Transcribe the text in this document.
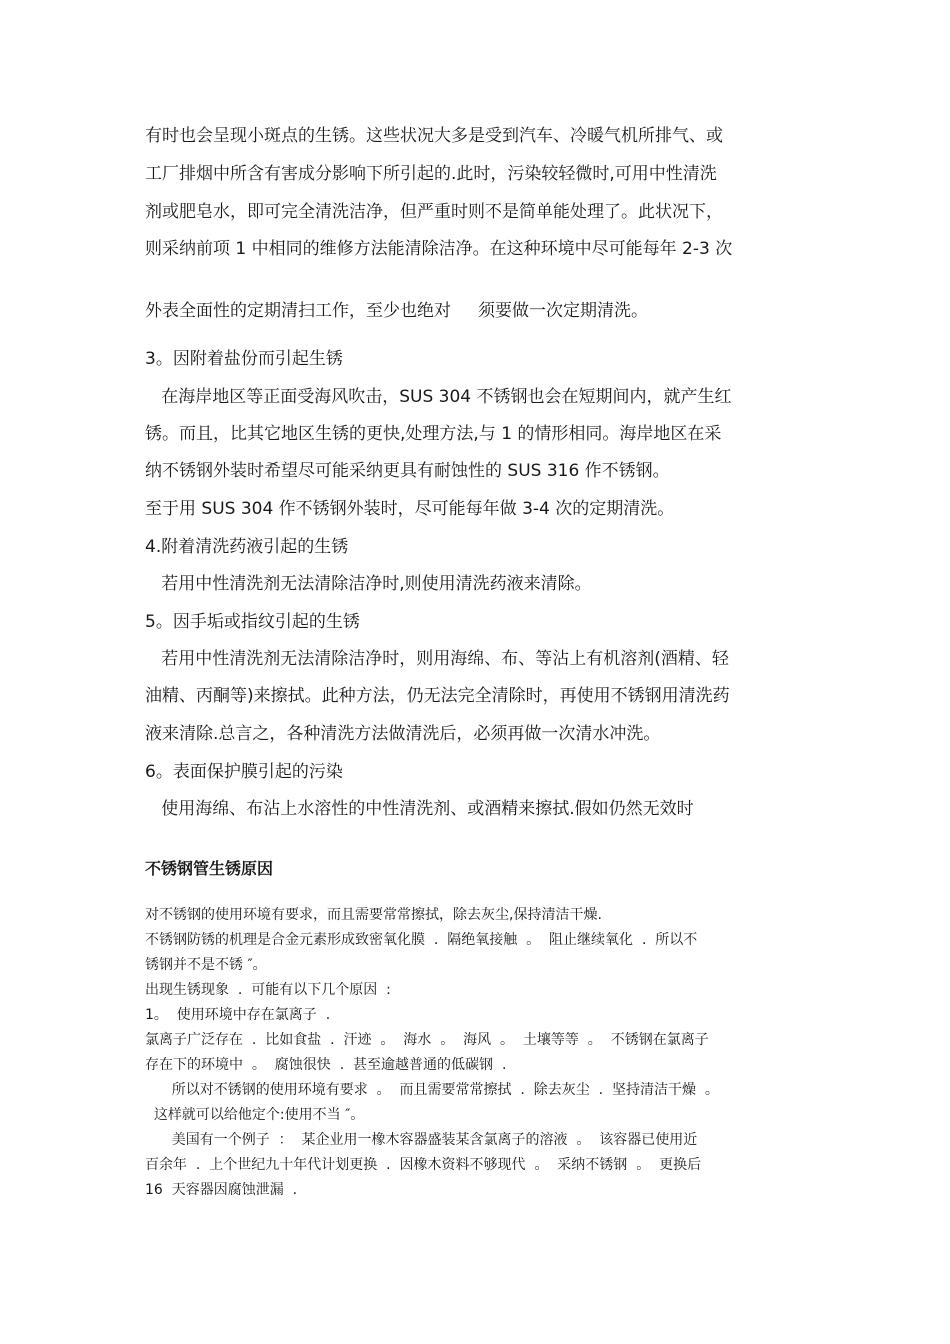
有时也会呈现小斑点的生锈。这些状况大多是受到汽车、冷暖气机所排气、或
工厂排烟中所含有害成分影响下所引起的.此时，污染较轻微时,可用中性清洗
剂或肥皂水，即可完全清洗洁净，但严重时则不是简单能处理了。此状况下，
则采纳前项 1 中相同的维修方法能清除洁净。在这种环境中尽可能每年 2-3 次
外表全面性的定期清扫工作，至少也绝对     须要做一次定期清洗。
3。因附着盐份而引起生锈
在海岸地区等正面受海风吹击，SUS 304 不锈钢也会在短期间内，就产生红
锈。而且，比其它地区生锈的更快,处理方法,与 1 的情形相同。海岸地区在采
纳不锈钢外装时希望尽可能采纳更具有耐蚀性的 SUS 316 作不锈钢。
至于用 SUS 304 作不锈钢外装时，尽可能每年做 3-4 次的定期清洗。
4.附着清洗药液引起的生锈
若用中性清洗剂无法清除洁净时,则使用清洗药液来清除。
5。因手垢或指纹引起的生锈
若用中性清洗剂无法清除洁净时，则用海绵、布、等沾上有机溶剂(酒精、轻
油精、丙酮等)来擦拭。此种方法，仍无法完全清除时，再使用不锈钢用清洗药
液来清除.总言之，各种清洗方法做清洗后，必须再做一次清水冲洗。
6。表面保护膜引起的污染
使用海绵、布沾上水溶性的中性清洗剂、或酒精来擦拭.假如仍然无效时
不锈钢管生锈原因
对不锈钢的使用环境有要求，而且需要常常擦拭，除去灰尘,保持清洁干燥.
不锈钢防锈的机理是合金元素形成致密氧化膜  .  隔绝氧接触  。  阻止继续氧化  .  所以不
锈钢并不是不锈 ″。
出现生锈现象  .  可能有以下几个原因  :
1。  使用环境中存在氯离子  .
氯离子广泛存在  .  比如食盐  .  汗迹  。  海水  。  海风  。  土壤等等  。  不锈钢在氯离子
存在下的环境中  。  腐蚀很快  .  甚至逾越普通的低碳钢  .
所以对不锈钢的使用环境有要求  。  而且需要常常擦拭  .  除去灰尘  .  坚持清洁干燥  。
这样就可以给他定个:使用不当 ″。
美国有一个例子  ：  某企业用一橡木容器盛装某含氯离子的溶液  。  该容器已使用近
百余年  .  上个世纪九十年代计划更换  .  因橡木资料不够现代  。  采纳不锈钢  。  更换后
16  天容器因腐蚀泄漏  .
